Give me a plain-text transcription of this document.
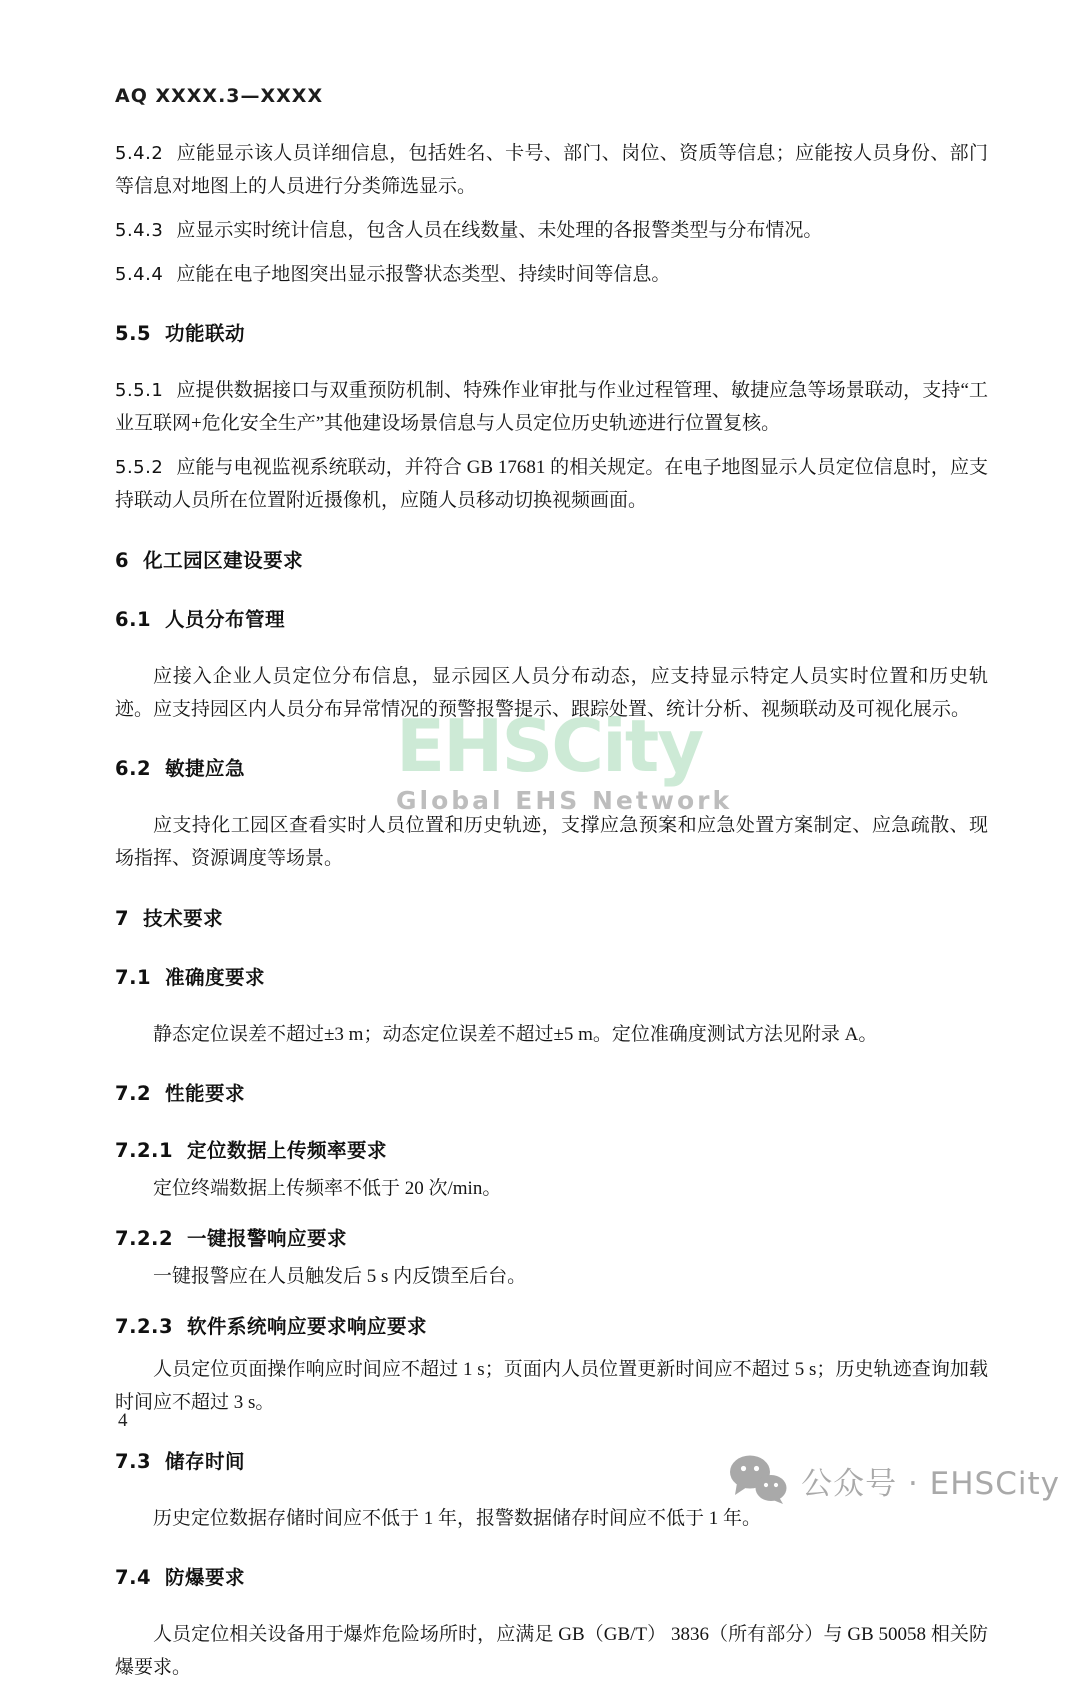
EHSCity
Global EHS Network
AQ XXXX.3—XXXX

5.4.2 应能显示该人员详细信息，包括姓名、卡号、部门、岗位、资质等信息；应能按人员身份、部门等信息对地图上的人员进行分类筛选显示。

5.4.3 应显示实时统计信息，包含人员在线数量、未处理的各报警类型与分布情况。

5.4.4 应能在电子地图突出显示报警状态类型、持续时间等信息。

5.5 功能联动

5.5.1 应提供数据接口与双重预防机制、特殊作业审批与作业过程管理、敏捷应急等场景联动，支持“工业互联网+危化安全生产”其他建设场景信息与人员定位历史轨迹进行位置复核。

5.5.2 应能与电视监视系统联动，并符合 GB 17681 的相关规定。在电子地图显示人员定位信息时，应支持联动人员所在位置附近摄像机，应随人员移动切换视频画面。

6 化工园区建设要求
6.1 人员分布管理

应接入企业人员定位分布信息，显示园区人员分布动态，应支持显示特定人员实时位置和历史轨迹。应支持园区内人员分布异常情况的预警报警提示、跟踪处置、统计分析、视频联动及可视化展示。

6.2 敏捷应急

应支持化工园区查看实时人员位置和历史轨迹，支撑应急预案和应急处置方案制定、应急疏散、现场指挥、资源调度等场景。

7 技术要求
7.1 准确度要求

静态定位误差不超过±3 m；动态定位误差不超过±5 m。定位准确度测试方法见附录 A。

7.2 性能要求
7.2.1 定位数据上传频率要求

定位终端数据上传频率不低于 20 次/min。

7.2.2 一键报警响应要求

一键报警应在人员触发后 5 s 内反馈至后台。

7.2.3 软件系统响应要求响应要求

人员定位页面操作响应时间应不超过 1 s；页面内人员位置更新时间应不超过 5 s；历史轨迹查询加载时间应不超过 3 s。

7.3 储存时间

历史定位数据存储时间应不低于 1 年，报警数据储存时间应不低于 1 年。

7.4 防爆要求

人员定位相关设备用于爆炸危险场所时，应满足 GB（GB/T） 3836（所有部分）与 GB 50058 相关防爆要求。

4
公众号 · EHSCity
